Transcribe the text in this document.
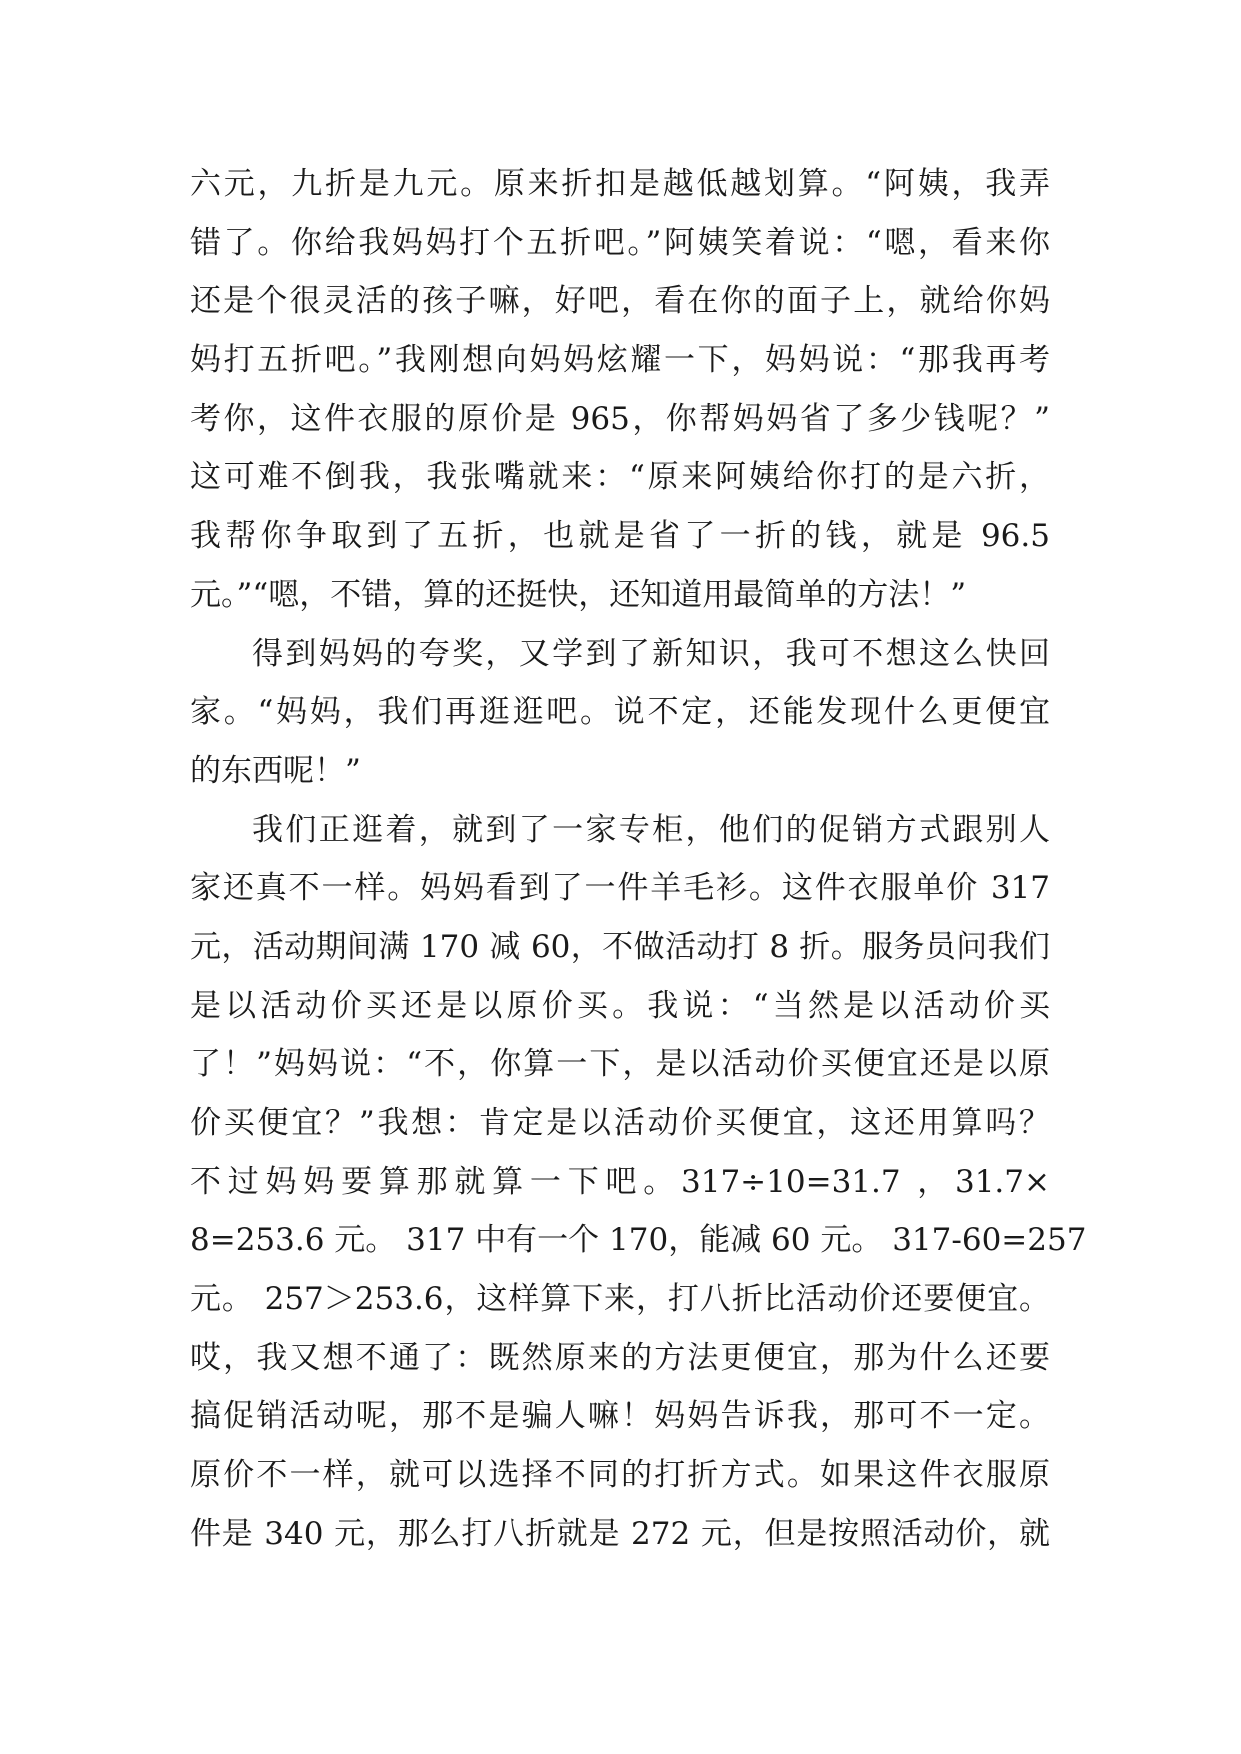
六元，九折是九元。原来折扣是越低越划算。“阿姨，我弄
错了。你给我妈妈打个五折吧。”阿姨笑着说：“嗯，看来你
还是个很灵活的孩子嘛，好吧，看在你的面子上，就给你妈
妈打五折吧。”我刚想向妈妈炫耀一下，妈妈说：“那我再考
考你，这件衣服的原价是 965，你帮妈妈省了多少钱呢？”
这可难不倒我，我张嘴就来：“原来阿姨给你打的是六折，
我帮你争取到了五折，也就是省了一折的钱，就是 96.5
元。”“嗯，不错，算的还挺快，还知道用最简单的方法！”
得到妈妈的夸奖，又学到了新知识，我可不想这么快回
家。“妈妈，我们再逛逛吧。说不定，还能发现什么更便宜
的东西呢！”
我们正逛着，就到了一家专柜，他们的促销方式跟别人
家还真不一样。妈妈看到了一件羊毛衫。这件衣服单价 317
元，活动期间满 170 减 60，不做活动打 8 折。服务员问我们
是以活动价买还是以原价买。我说：“当然是以活动价买
了！”妈妈说：“不，你算一下，是以活动价买便宜还是以原
价买便宜？”我想：肯定是以活动价买便宜，这还用算吗？
不过妈妈要算那就算一下吧。317÷10=31.7 ，31.7×
8=253.6 元。 317 中有一个 170，能减 60 元。 317-60=257
元。 257＞253.6，这样算下来，打八折比活动价还要便宜。
哎，我又想不通了：既然原来的方法更便宜，那为什么还要
搞促销活动呢，那不是骗人嘛！妈妈告诉我，那可不一定。
原价不一样，就可以选择不同的打折方式。如果这件衣服原
件是 340 元，那么打八折就是 272 元，但是按照活动价，就
